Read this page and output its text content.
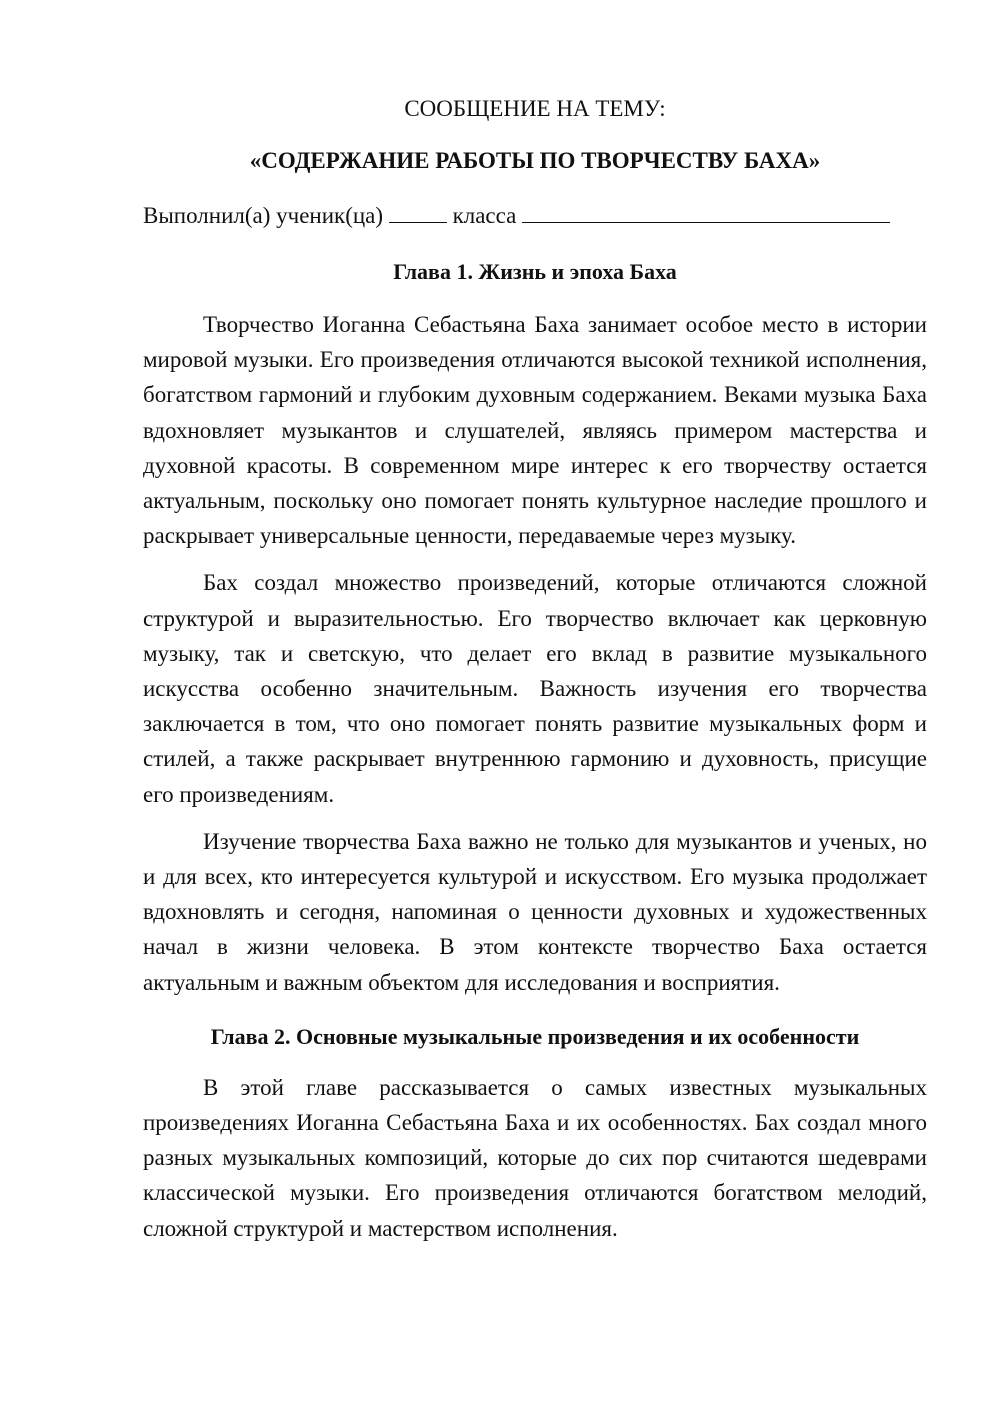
СООБЩЕНИЕ НА ТЕМУ:

«СОДЕРЖАНИЕ РАБОТЫ ПО ТВОРЧЕСТВУ БАХА»

Выполнил(а) ученик(ца)	класса

Глава 1. Жизнь и эпоха Баха

Творчество Иоганна Себастьяна Баха занимает особое место в истории мировой музыки. Его произведения отличаются высокой техникой исполнения, богатством гармоний и глубоким духовным содержанием. Веками музыка Баха вдохновляет музыкантов и слушателей, являясь примером мастерства и духовной красоты. В современном мире интерес к его творчеству остается актуальным, поскольку оно помогает понять культурное наследие прошлого и раскрывает универсальные ценности, передаваемые через музыку.

Бах создал множество произведений, которые отличаются сложной структурой и выразительностью. Его творчество включает как церковную музыку, так и светскую, что делает его вклад в развитие музыкального искусства особенно значительным. Важность изучения его творчества заключается в том, что оно помогает понять развитие музыкальных форм и стилей, а также раскрывает внутреннюю гармонию и духовность, присущие его произведениям.

Изучение творчества Баха важно не только для музыкантов и ученых, но и для всех, кто интересуется культурой и искусством. Его музыка продолжает вдохновлять и сегодня, напоминая о ценности духовных и художественных начал в жизни человека. В этом контексте творчество Баха остается актуальным и важным объектом для исследования и восприятия.

Глава 2. Основные музыкальные произведения и их особенности

В этой главе рассказывается о самых известных музыкальных произведениях Иоганна Себастьяна Баха и их особенностях. Бах создал много разных музыкальных композиций, которые до сих пор считаются шедеврами классической музыки. Его произведения отличаются богатством мелодий, сложной структурой и мастерством исполнения.
